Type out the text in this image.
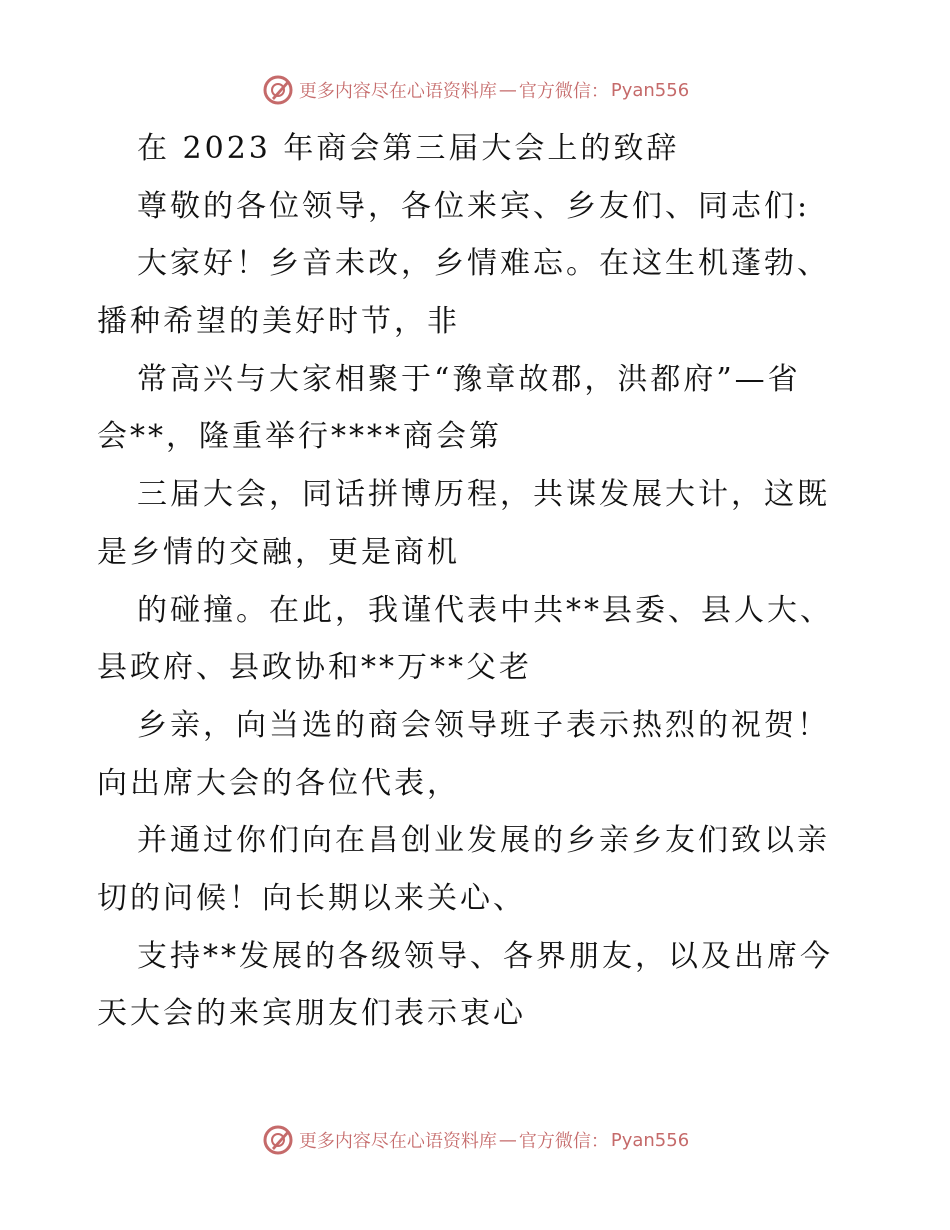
更多内容尽在心语资料库 — 官方微信： Pyan556
在 2023 年商会第三届大会上的致辞
尊敬的各位领导，各位来宾、乡友们、同志们:
大家好！乡音未改，乡情难忘。在这生机蓬勃、
播种希望的美好时节，非
常高兴与大家相聚于“豫章故郡，洪都府”—省
会**，隆重举行****商会第
三届大会，同话拼博历程，共谋发展大计，这既
是乡情的交融，更是商机
的碰撞。在此，我谨代表中共**县委、县人大、
县政府、县政协和**万**父老
乡亲，向当选的商会领导班子表示热烈的祝贺！
向出席大会的各位代表，
并通过你们向在昌创业发展的乡亲乡友们致以亲
切的问候！向长期以来关心、
支持**发展的各级领导、各界朋友，以及出席今
天大会的来宾朋友们表示衷心
更多内容尽在心语资料库 — 官方微信： Pyan556
